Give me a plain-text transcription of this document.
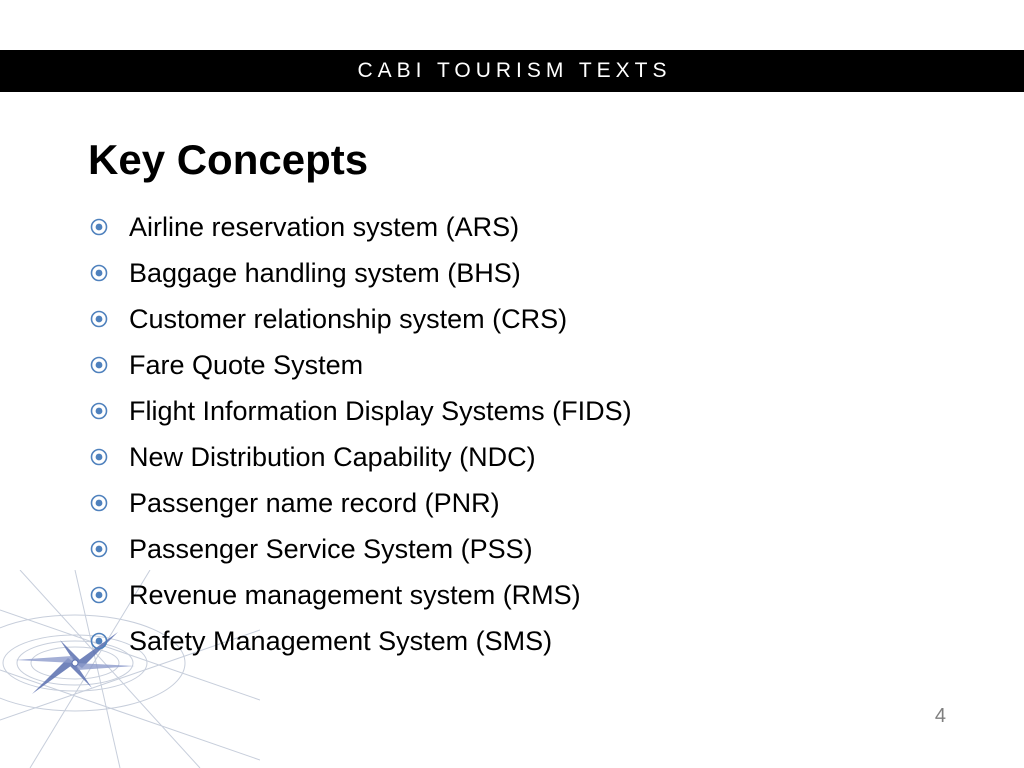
CABI TOURISM TEXTS
Key Concepts
Airline reservation system (ARS)
Baggage handling system (BHS)
Customer relationship system (CRS)
Fare Quote System
Flight Information Display Systems (FIDS)
New Distribution Capability (NDC)
Passenger name record (PNR)
Passenger Service System (PSS)
Revenue management system (RMS)
Safety Management System (SMS)
4
